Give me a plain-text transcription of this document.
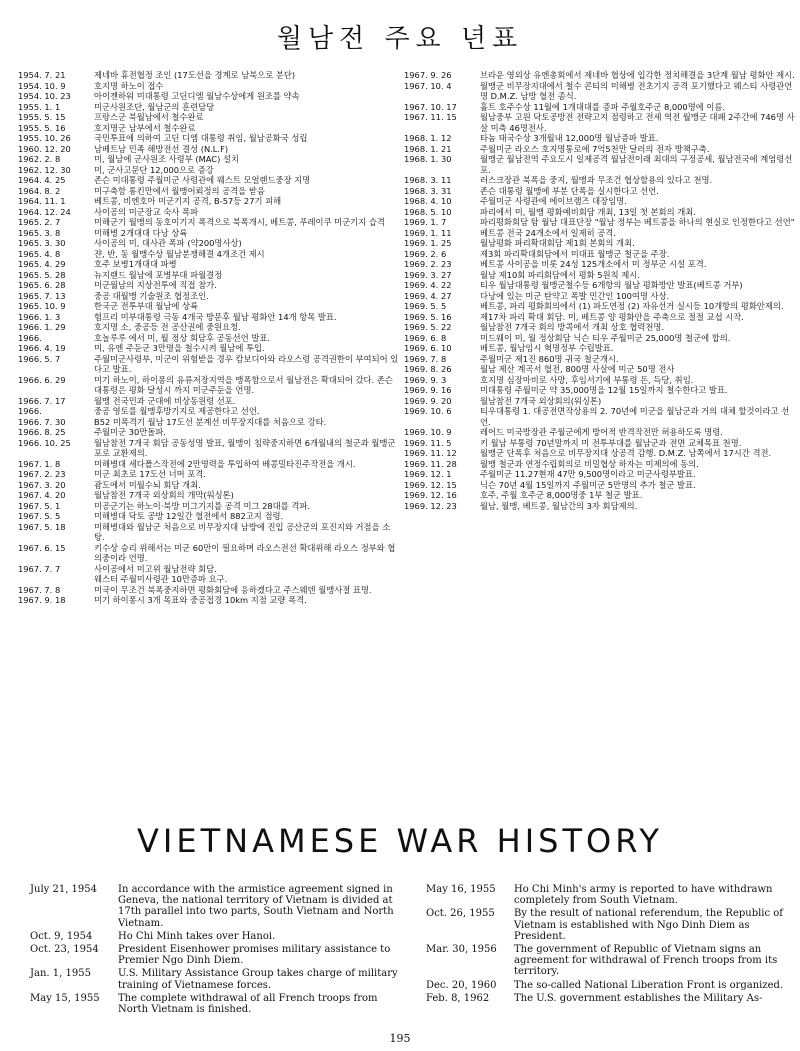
월남전 주요 년표
1954. 7. 21	제네바 휴전협정 조인 (17도선을 경계로 남북으로 분단)
1954. 10. 9	호지명 하노이 접수
1954. 10. 23	아이젠하워 미대통령 고딘디엠 월남수상에게 원조를 약속
1955. 1. 1	미군사원조단, 월남군의 훈련담당
1955. 5. 15	프랑스군 북월남에서 철수완료
1955. 5. 16	호지명군 남부에서 철수완료
1955. 10. 26	국민투표에 의하여 고딘 디엠 대통령 취임, 월남공화국 성립
1960. 12. 20	남베트남 민족 해방전선 결성 (N.L.F)
1962. 2. 8	미, 월남에 군사원조 사령부 (MAC) 설치
1962. 12. 30	미, 군사고문단 12,000으로 증강
1964. 4. 25	존슨 미대통령 주월미군 사령관에 웨스트 모얼랜드중장 지명
1964. 8. 2	미구축함 통킨만에서 월맹어뢰정의 공격을 받음
1964. 11. 1	베트콩, 비엔호아 미군기지 공격, B-57등 27기 피해
1964. 12. 24	사이공의 미군장교 숙사 폭파
1965. 2. 7	미해군기 월맹의 동호이기지 폭격으로 북폭개시, 베트콩, 푸레이쿠 미군기지 습격
1965. 3. 8	미해병 2개대대 다낭 상륙
1965. 3. 30	사이공의 미, 대사관 폭파 (약200명사상)
1965. 4. 8	쟌, 반, 동 월맹수상 월남분쟁해결 4개조건 제시
1965. 4. 29	호주 보병1개대대 파병
1965. 5. 28	뉴지랜드 월남에 포병부대 파월결정
1965. 6. 28	미군월남의 지상전투에 직접 참가.
1965. 7. 13	중공 대월맹 기술원조 협정조인.
1965. 10. 9	한국군 전투부대 월남에 상륙
1966. 1. 3	험프리 미부대통령 극동 4개국 방문후 월남 평화안 14개 항목 발표.
1966. 1. 29	호지명 소, 중공등 전 공산권에 중원요청.
1966.	호놀루루 에서 미, 월 정상 회담후 공동선언 발표.
1966. 4. 19	미, 유엔 주둔군 3만명을 철수시켜 월남에 투입.
1966. 5. 7	주월미군사령부, 미군이 위험받을 경우 캄보디아와 라오스령 공격권한이 부여되어 있다고 발표.
1966. 6. 29	미기 하노이, 하이퐁의 유류저장지역을 맹폭함으로서 월남전은 확대되어 갔다. 존슨 대통령은 평화 달성시 까지 미군주둔을 언명.
1966. 7. 17	월맹 전국민과 군대에 비상동원령 선포.
1966.	중공 영토를 월맹후방기지로 제공한다고 선언.
1966. 7. 30	B52 미폭격기 월남 17도선 분계선 비무장지대를 처음으로 강타.
1966. 8. 25	주월미군 30만돌파.
1966. 10. 25	월남참전 7개국 회담 공동성명 발표, 월맹이 침략중지하면 6개월내의 철군과 월맹군 포로 교환제의.
1967. 1. 8	미해병대 세다폴스작전에 2만명력을 투입하여 베콩밀타진주작전을 개시.
1967. 2. 23	미군 최초로 17도선 너머 포격.
1967. 3. 20	괌도에서 미월수뇌 회담 개최.
1967. 4. 20	월남참전 7개국 외상회의 개막(워싱톤)
1967. 5. 1	미공군기는 하노이·북방 미그기지를 공격 미그 28대를 격파.
1967. 5. 5	미해병대 닥토 공방 12일간 혈전에서 882고지 점령.
1967. 5. 18	미해병대와 월남군 처음으로 비무장지대 남방에 진입 공산군의 포진지와 거점을 소탕.
1967. 6. 15	키수상 승리 위해서는 미군 60만이 필요하며 라오스전선 확대위해 라오스 정부와 협의중이라 언명.
1967. 7. 7	사이공에서 미고위 월남전략 회담.
웨스터 주월미사령관 10만증파 요구.
1967. 7. 8	미국이 무조건 북폭중지하면 평화회담에 응하겠다고 주스웨덴 월맹사절 표명.
1967. 9. 18	미기 하이퐁시 3개 목표와 중공접경 10km 지점 교량 폭격.
1967. 9. 26	브라운 영외상 유엔총회에서 제네바 협상에 입각한 정치해결을 3단계 월남 평화안 제시.
1967. 10. 4	월맹군 비무장지대에서 철수 콘티의 미해병 전초기지 공격 포기했다고 웨스티 사령관언명 D.M.Z. 남방 혈전 종식.
1967. 10. 17	홀트 호주수상 11월에 1개대대를 증파 주월호주군 8,000명에 이름.
1967. 11. 15	월남중부 고원 닥토공방전 전략고지 점령하고 전세 역전 월맹군 대패 2주간에 746명 사살 미측 46명전사.
1968. 1. 12	타놈 태국수상 3개월내 12,000명 월남증파 발표.
1968. 1. 21	주월미군 라오스 호지명통로에 7억5천만 달러의 전자 방책구축.
1968. 1. 30	월맹군 월남전역 주요도시 일제공격 월남전이래 최대의 구정공세, 월남전국에 계엄령선포.
1968. 3. 11	러스크장관 북폭을 중지, 월맹과 무조건 협상할용의 있다고 천명.
1968. 3. 31	존슨 대통령 월맹에 부분 단폭을 실시한다고 선언.
1968. 4. 10	주월미군 사령관에 에이브램즈 대장임명.
1968. 5. 10	파리에서 미, 월맹 평화예비회담 개최, 13일 첫 본회의 개최.
1969. 1. 7	파리평화회담 탐 월남 대표단장 "월남 정부는 베트콩을 하나의 현실로 인정한다고 선언"
1969. 1. 11	베트콩 전국 24개소에서 일제히 공격.
1969. 1. 25	월남평화 파리확대회담 제1회 본회의 개최.
1969. 2. 6	제3회 파리확대회담에서 미대표 월맹군 철군을 주장.
1969. 2. 23	베트콩 사이공을 비롯 24성 125개소에서 미 정부군 시설 포격.
1969. 3. 27	월남 제10회 파리회담에서 평화 5원칙 제시.
1969. 4. 22	티우 월남대통령 월맹군철수등 6개항의 월남 평화방안 발표(베트콩 거부)
1969. 4. 27	다낭에 있는 미군 탄약고 폭발 민간인 100여명 사상.
1969. 5. 5	베트콩, 파리 평화회의에서 (1) 파도연정 (2) 자유선거 실시등 10개항의 평화안제의.
1969. 5. 16	제17차 파리 확대 회담. 미, 베트콩 양 평화안을 주축으로 절절 교섭 시작.
1969. 5. 22	월남참전 7개국 회의 방콕에서 개최 상호 협력천명.
1969. 6. 8	미드웨이 미, 월 정상회담 닉슨 티우 주월미군 25,000명 철군에 합의.
1969. 6. 10	베트콩, 월남임시 혁명정부 수립발표.
1969. 7. 8	주월미군 제1진 860명 귀국 철군개시.
1969. 8. 26	월남 제산 계곡서 혈전, 800명 사살에 미군 50명 전사
1969. 9. 3	호지명 심장마비로 사망, 후임서기에 부통령 돈, 득당, 취임.
1969. 9. 16	미대통령 주월미군 약 35,000명을 12월 15일까지 철수한다고 발표.
1969. 9. 20	월남참전 7개국 외상회의(워싱톤)
1969. 10. 6	티우대통령 1. 대공전면작상용의 2. 70년에 미군을 월남군과 거의 대체 할것이라고 선언.
1969. 10. 9	레어드 미국방장관 주월군에게 방어적 반격작전만 허용하도록 명령.
1969. 11. 5	키 월남 부통령 70년말까지 미 전투부대를 월남군과 전면 교체목표 천명.
1969. 11. 12	월맹군 단폭후 처음으로 비무장지대 상공격 감행. D.M.Z. 남쪽에서 17시간 격전.
1969. 11. 28	월맹 철군과 연정수립회의로 비밀협상 하자는 미제의에 동의.
1969. 12. 1	주월미군 11.27현재 47만 9,500명이라고 미군사령부발표.
1969. 12. 15	닉슨 70년 4월 15일까지 주월미군 5만명의 추가 철군 발표.
1969. 12. 16	호주, 주월 호주군 8,000명중 1부 철군 발표.
1969. 12. 23	월남, 월맹, 베트콩, 월남간의 3자 회담제의.
VIETNAMESE WAR HISTORY
July 21, 1954	In accordance with the armistice agreement signed in Geneva, the national territory of Vietnam is divided at 17th parallel into two parts, South Vietnam and North Vietnam.
Oct. 9, 1954	Ho Chi Minh takes over Hanoi.
Oct. 23, 1954	President Eisenhower promises military assistance to Premier Ngo Dinh Diem.
Jan. 1, 1955	U.S. Military Assistance Group takes charge of military training of Vietnamese forces.
May 15, 1955	The complete withdrawal of all French troops from North Vietnam is finished.
May 16, 1955	Ho Chi Minh's army is reported to have withdrawn completely from South Vietnam.
Oct. 26, 1955	By the result of national referendum, the Republic of Vietnam is established with Ngo Dinh Diem as President.
Mar. 30, 1956	The government of Republic of Vietnam signs an agreement for withdrawal of French troops from its territory.
Dec. 20, 1960	The so-called National Liberation Front is organized.
Feb. 8, 1962	The U.S. government establishes the Military As-
195
